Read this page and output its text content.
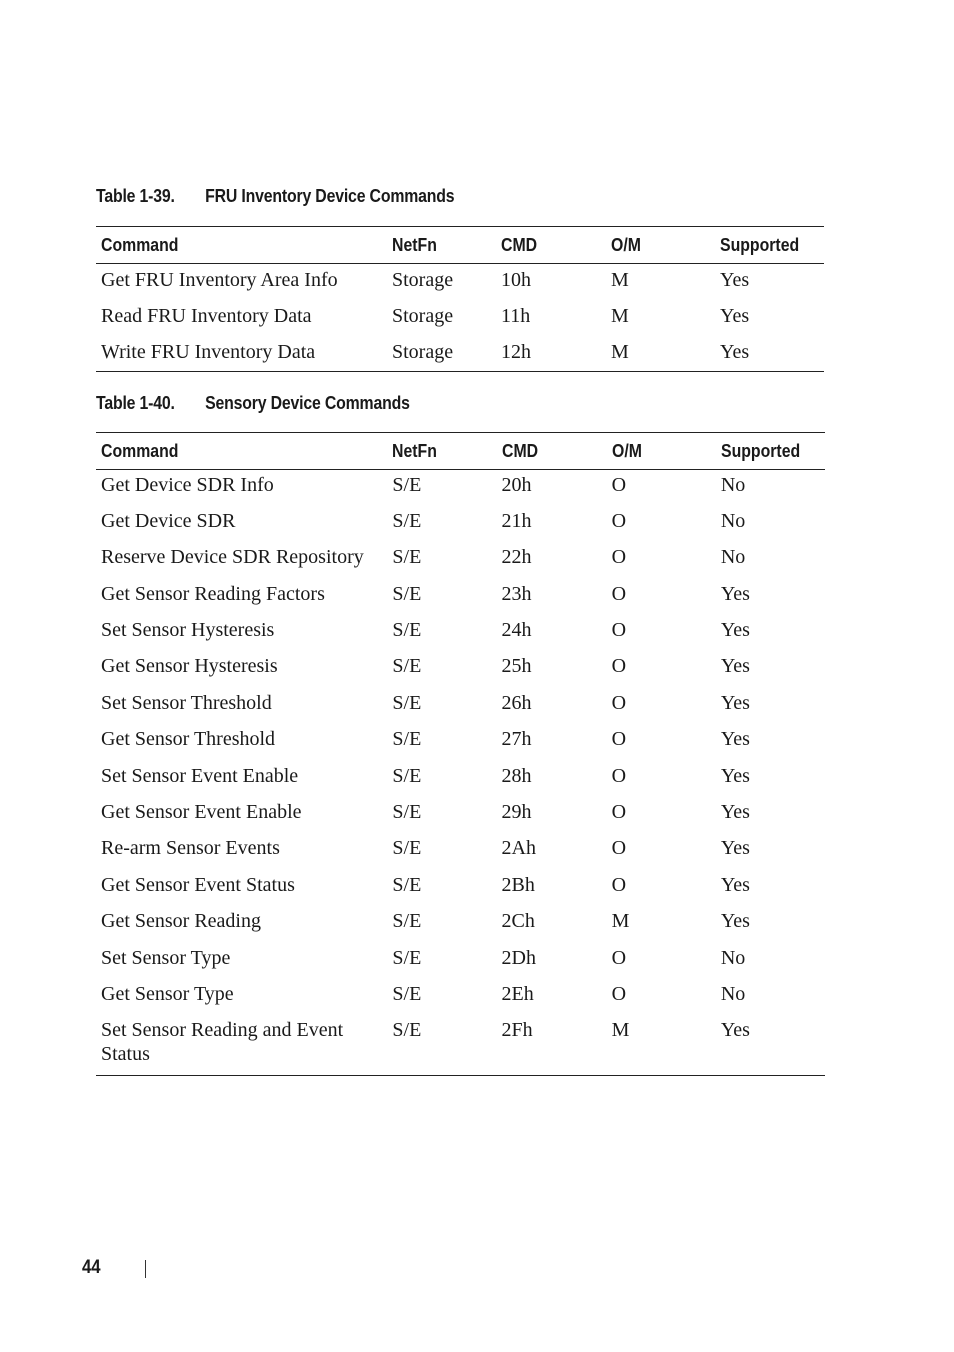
Table 1-39. FRU Inventory Device Commands
Command	NetFn	CMD	O/M	Supported
Get FRU Inventory Area Info	Storage	10h	M	Yes
Read FRU Inventory Data	Storage	11h	M	Yes
Write FRU Inventory Data	Storage	12h	M	Yes
Table 1-40. Sensory Device Commands
Command	NetFn	CMD	O/M	Supported
Get Device SDR Info	S/E	20h	O	No
Get Device SDR	S/E	21h	O	No
Reserve Device SDR Repository	S/E	22h	O	No
Get Sensor Reading Factors	S/E	23h	O	Yes
Set Sensor Hysteresis	S/E	24h	O	Yes
Get Sensor Hysteresis	S/E	25h	O	Yes
Set Sensor Threshold	S/E	26h	O	Yes
Get Sensor Threshold	S/E	27h	O	Yes
Set Sensor Event Enable	S/E	28h	O	Yes
Get Sensor Event Enable	S/E	29h	O	Yes
Re-arm Sensor Events	S/E	2Ah	O	Yes
Get Sensor Event Status	S/E	2Bh	O	Yes
Get Sensor Reading	S/E	2Ch	M	Yes
Set Sensor Type	S/E	2Dh	O	No
Get Sensor Type	S/E	2Eh	O	No
Set Sensor Reading and Event Status	S/E	2Fh	M	Yes
44
